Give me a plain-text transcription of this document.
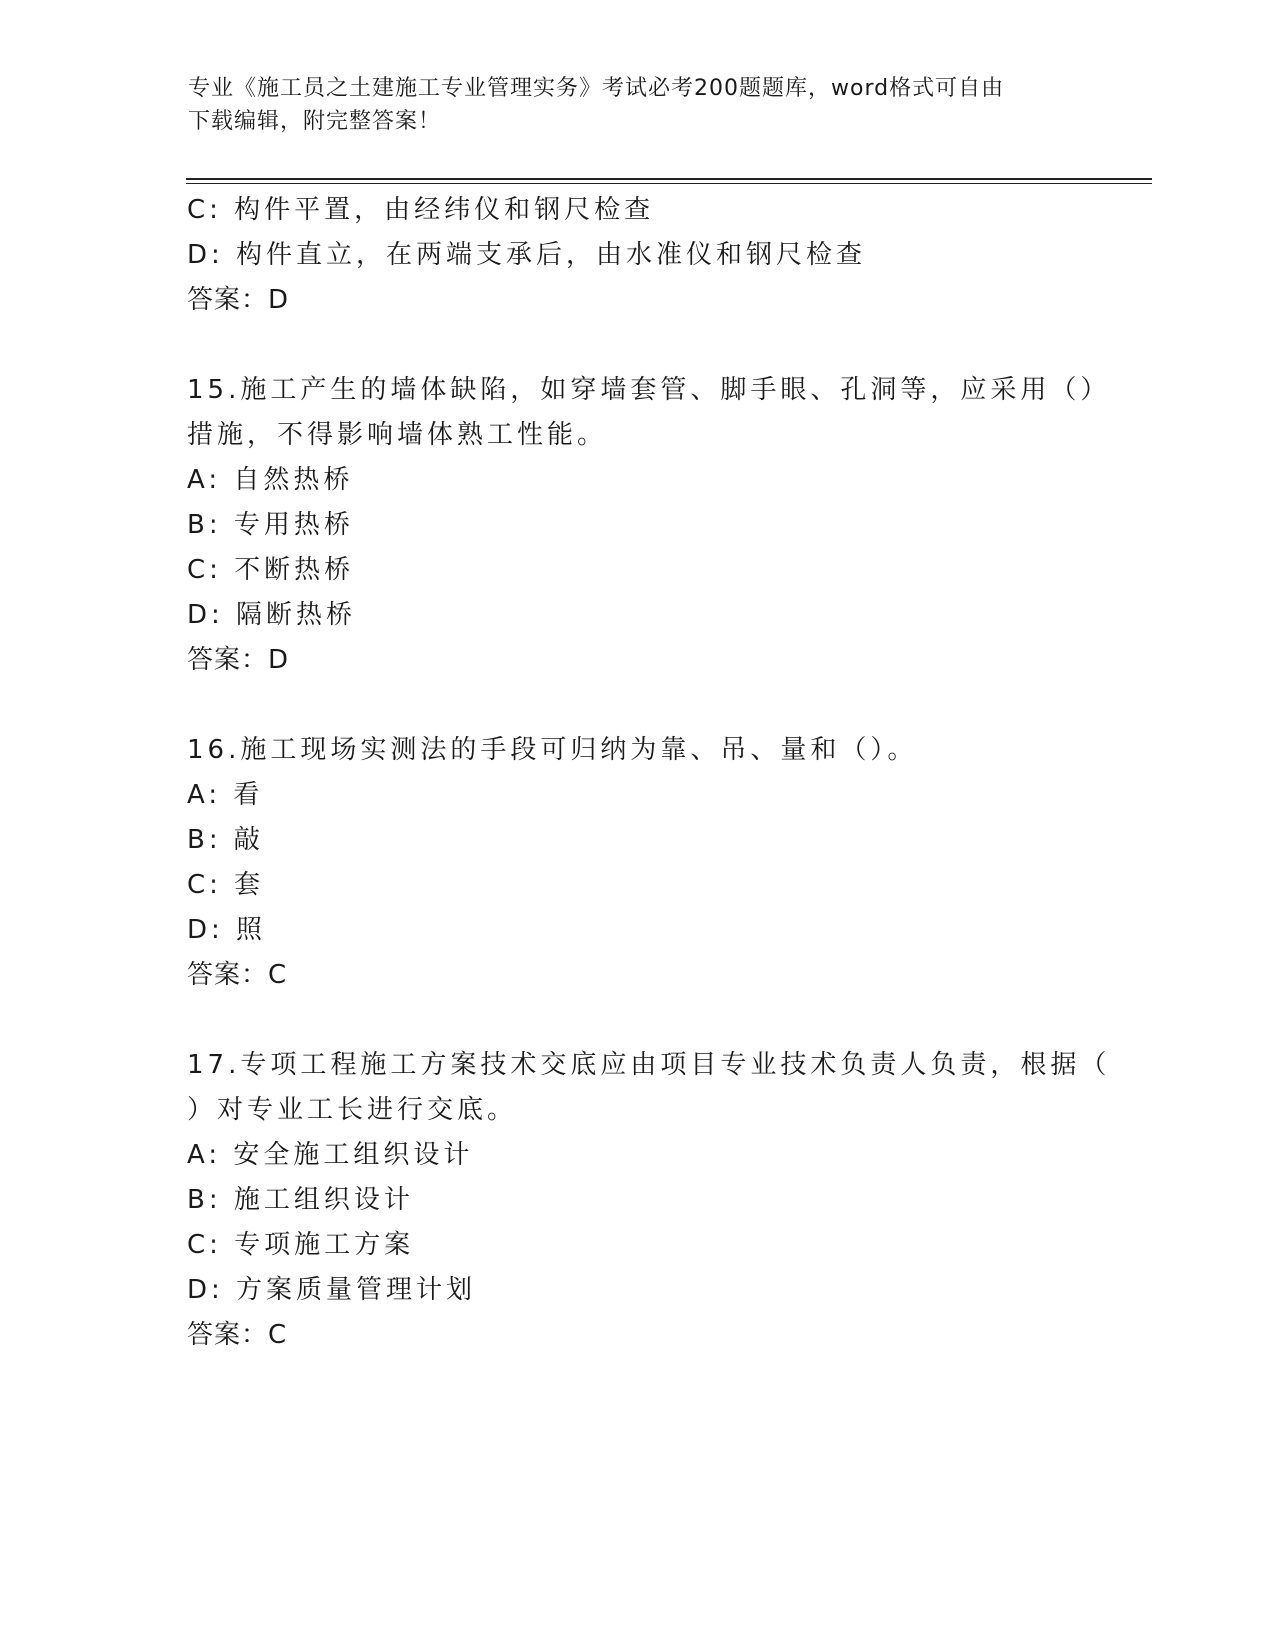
专业《施工员之土建施工专业管理实务》考试必考200题题库，word格式可自由
下载编辑，附完整答案！
C: 构件平置，由经纬仪和钢尺检查
D: 构件直立，在两端支承后，由水准仪和钢尺检查
答案：D
15.施工产生的墙体缺陷，如穿墙套管、脚手眼、孔洞等，应采用（）
措施，不得影响墙体熟工性能。
A: 自然热桥
B: 专用热桥
C: 不断热桥
D: 隔断热桥
答案：D
16.施工现场实测法的手段可归纳为靠、吊、量和（）。
A: 看
B: 敲
C: 套
D: 照
答案：C
17.专项工程施工方案技术交底应由项目专业技术负责人负责，根据（
）对专业工长进行交底。
A: 安全施工组织设计
B: 施工组织设计
C: 专项施工方案
D: 方案质量管理计划
答案：C
